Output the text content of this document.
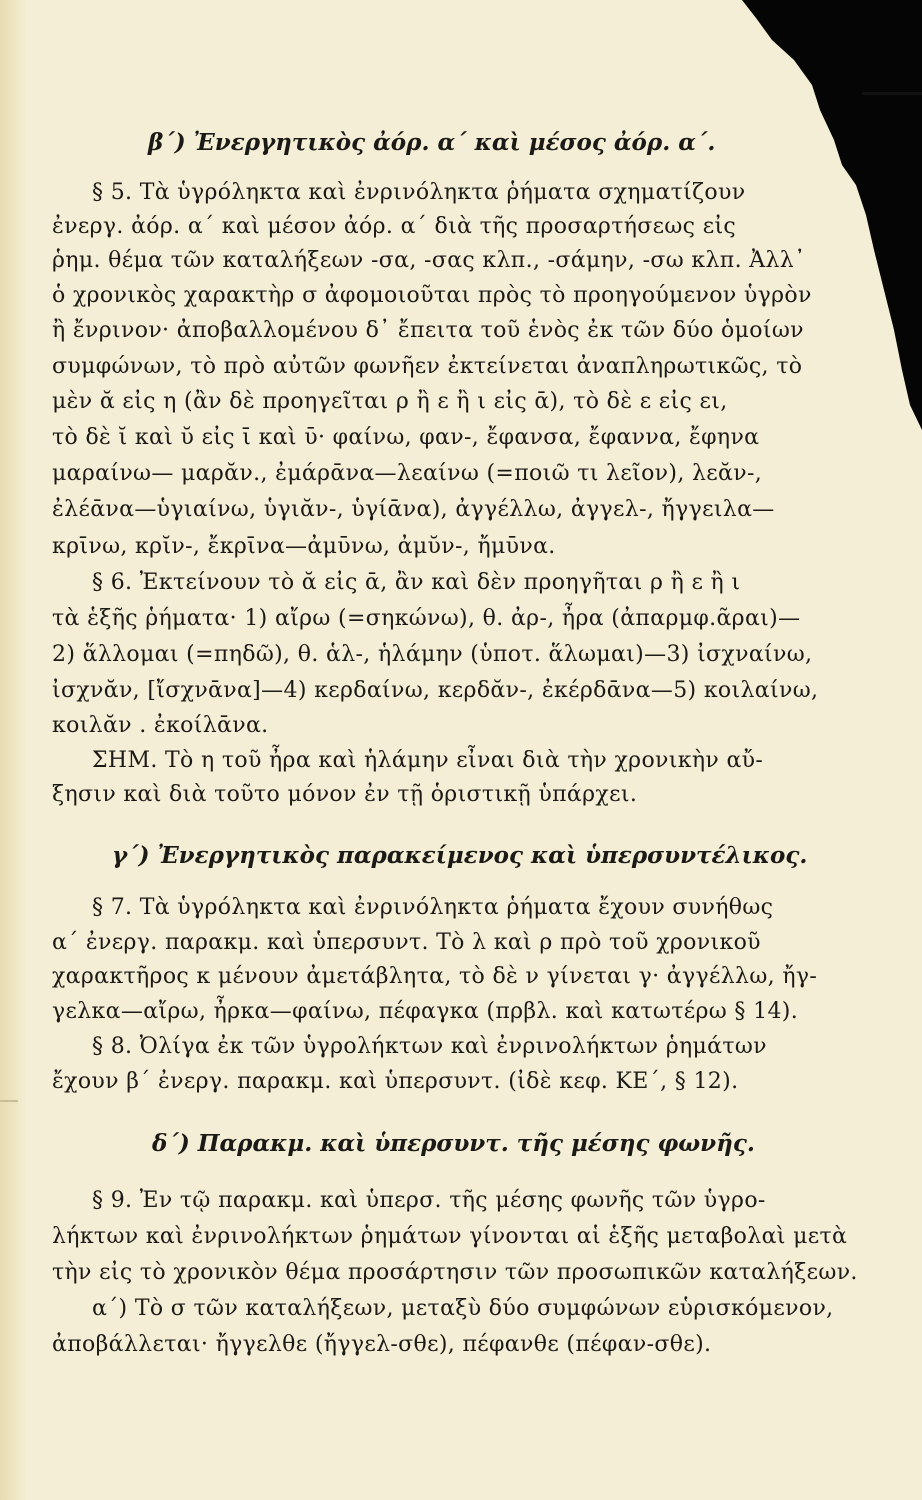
β΄) Ἐνεργητικὸς ἀόρ. α΄ καὶ μέσος ἀόρ. α΄.
§ 5. Τὰ ὑγρόληκτα καὶ ἐνρινόληκτα ῥήματα σχηματίζουν
ἐνεργ. ἀόρ. α΄ καὶ μέσον ἀόρ. α΄ διὰ τῆς προσαρτήσεως εἰς
ῥημ. θέμα τῶν καταλήξεων -σα, -σας κλπ., -σάμην, -σω κλπ. Ἀλλ᾽
ὁ χρονικὸς χαρακτὴρ σ ἀφομοιοῦται πρὸς τὸ προηγούμενον ὑγρὸν
ἢ ἔνρινον· ἀποβαλλομένου δ᾽ ἔπειτα τοῦ ἑνὸς ἐκ τῶν δύο ὁμοίων
συμφώνων, τὸ πρὸ αὐτῶν φωνῆεν ἐκτείνεται ἀναπληρωτικῶς, τὸ
μὲν ᾰ εἰς η (ἂν δὲ προηγεῖται ρ ἢ ε ἢ ι εἰς ᾱ), τὸ δὲ ε εἰς ει,
τὸ δὲ ῐ καὶ ῠ εἰς ῑ καὶ ῡ· φαίνω, φαν-, ἔφανσα, ἔφαννα, ἔφηνα
μαραίνω— μαρᾰν., ἐμάρᾱνα—λεαίνω (=ποιῶ τι λεῖον), λεᾰν-,
ἐλέᾱνα—ὑγιαίνω, ὑγιᾰν-, ὑγίᾱνα), ἀγγέλλω, ἀγγελ-, ἤγγειλα—
κρῑνω, κρῐν-, ἔκρῑνα—ἀμῡνω, ἀμῠν-, ἤμῡνα.
§ 6. Ἐκτείνουν τὸ ᾰ εἰς ᾱ, ἂν καὶ δὲν προηγῆται ρ ἢ ε ἢ ι
τὰ ἑξῆς ῥήματα· 1) αἴρω (=σηκώνω), θ. ἀρ-, ἦρα (ἀπαρμφ.ᾶραι)—
2) ἅλλομαι (=πηδῶ), θ. ἁλ-, ἡλάμην (ὑποτ. ἅλωμαι)—3) ἰσχναίνω,
ἰσχνᾰν, [ἴσχνᾱνα]—4) κερδαίνω, κερδᾰν-, ἐκέρδᾱνα—5) κοιλαίνω,
κοιλᾰν . ἐκοίλᾱνα.
ΣΗΜ. Τὸ η τοῦ ἦρα καὶ ἡλάμην εἶναι διὰ τὴν χρονικὴν αὔ-
ξησιν καὶ διὰ τοῦτο μόνον ἐν τῇ ὁριστικῇ ὑπάρχει.
γ΄) Ἐνεργητικὸς παρακείμενος καὶ ὑπερσυντέλικος.
§ 7. Τὰ ὑγρόληκτα καὶ ἐνρινόληκτα ῥήματα ἔχουν συνήθως
α΄ ἐνεργ. παρακμ. καὶ ὑπερσυντ. Τὸ λ καὶ ρ πρὸ τοῦ χρονικοῦ
χαρακτῆρος κ μένουν ἀμετάβλητα, τὸ δὲ ν γίνεται γ· ἀγγέλλω, ἤγ-
γελκα—αἴρω, ἦρκα—φαίνω, πέφαγκα (πρβλ. καὶ κατωτέρω § 14).
§ 8. Ὀλίγα ἐκ τῶν ὑγρολήκτων καὶ ἐνρινολήκτων ῥημάτων
ἔχουν β΄ ἐνεργ. παρακμ. καὶ ὑπερσυντ. (ἰδὲ κεφ. ΚΕ΄, § 12).
δ΄) Παρακμ. καὶ ὑπερσυντ. τῆς μέσης φωνῆς.
§ 9. Ἐν τῷ παρακμ. καὶ ὑπερσ. τῆς μέσης φωνῆς τῶν ὑγρο-
λήκτων καὶ ἐνρινολήκτων ῥημάτων γίνονται αἱ ἑξῆς μεταβολαὶ μετὰ
τὴν εἰς τὸ χρονικὸν θέμα προσάρτησιν τῶν προσωπικῶν καταλήξεων.
α΄) Τὸ σ τῶν καταλήξεων, μεταξὺ δύο συμφώνων εὑρισκόμενον,
ἀποβάλλεται· ἤγγελθε (ἤγγελ-σθε), πέφανθε (πέφαν-σθε).
